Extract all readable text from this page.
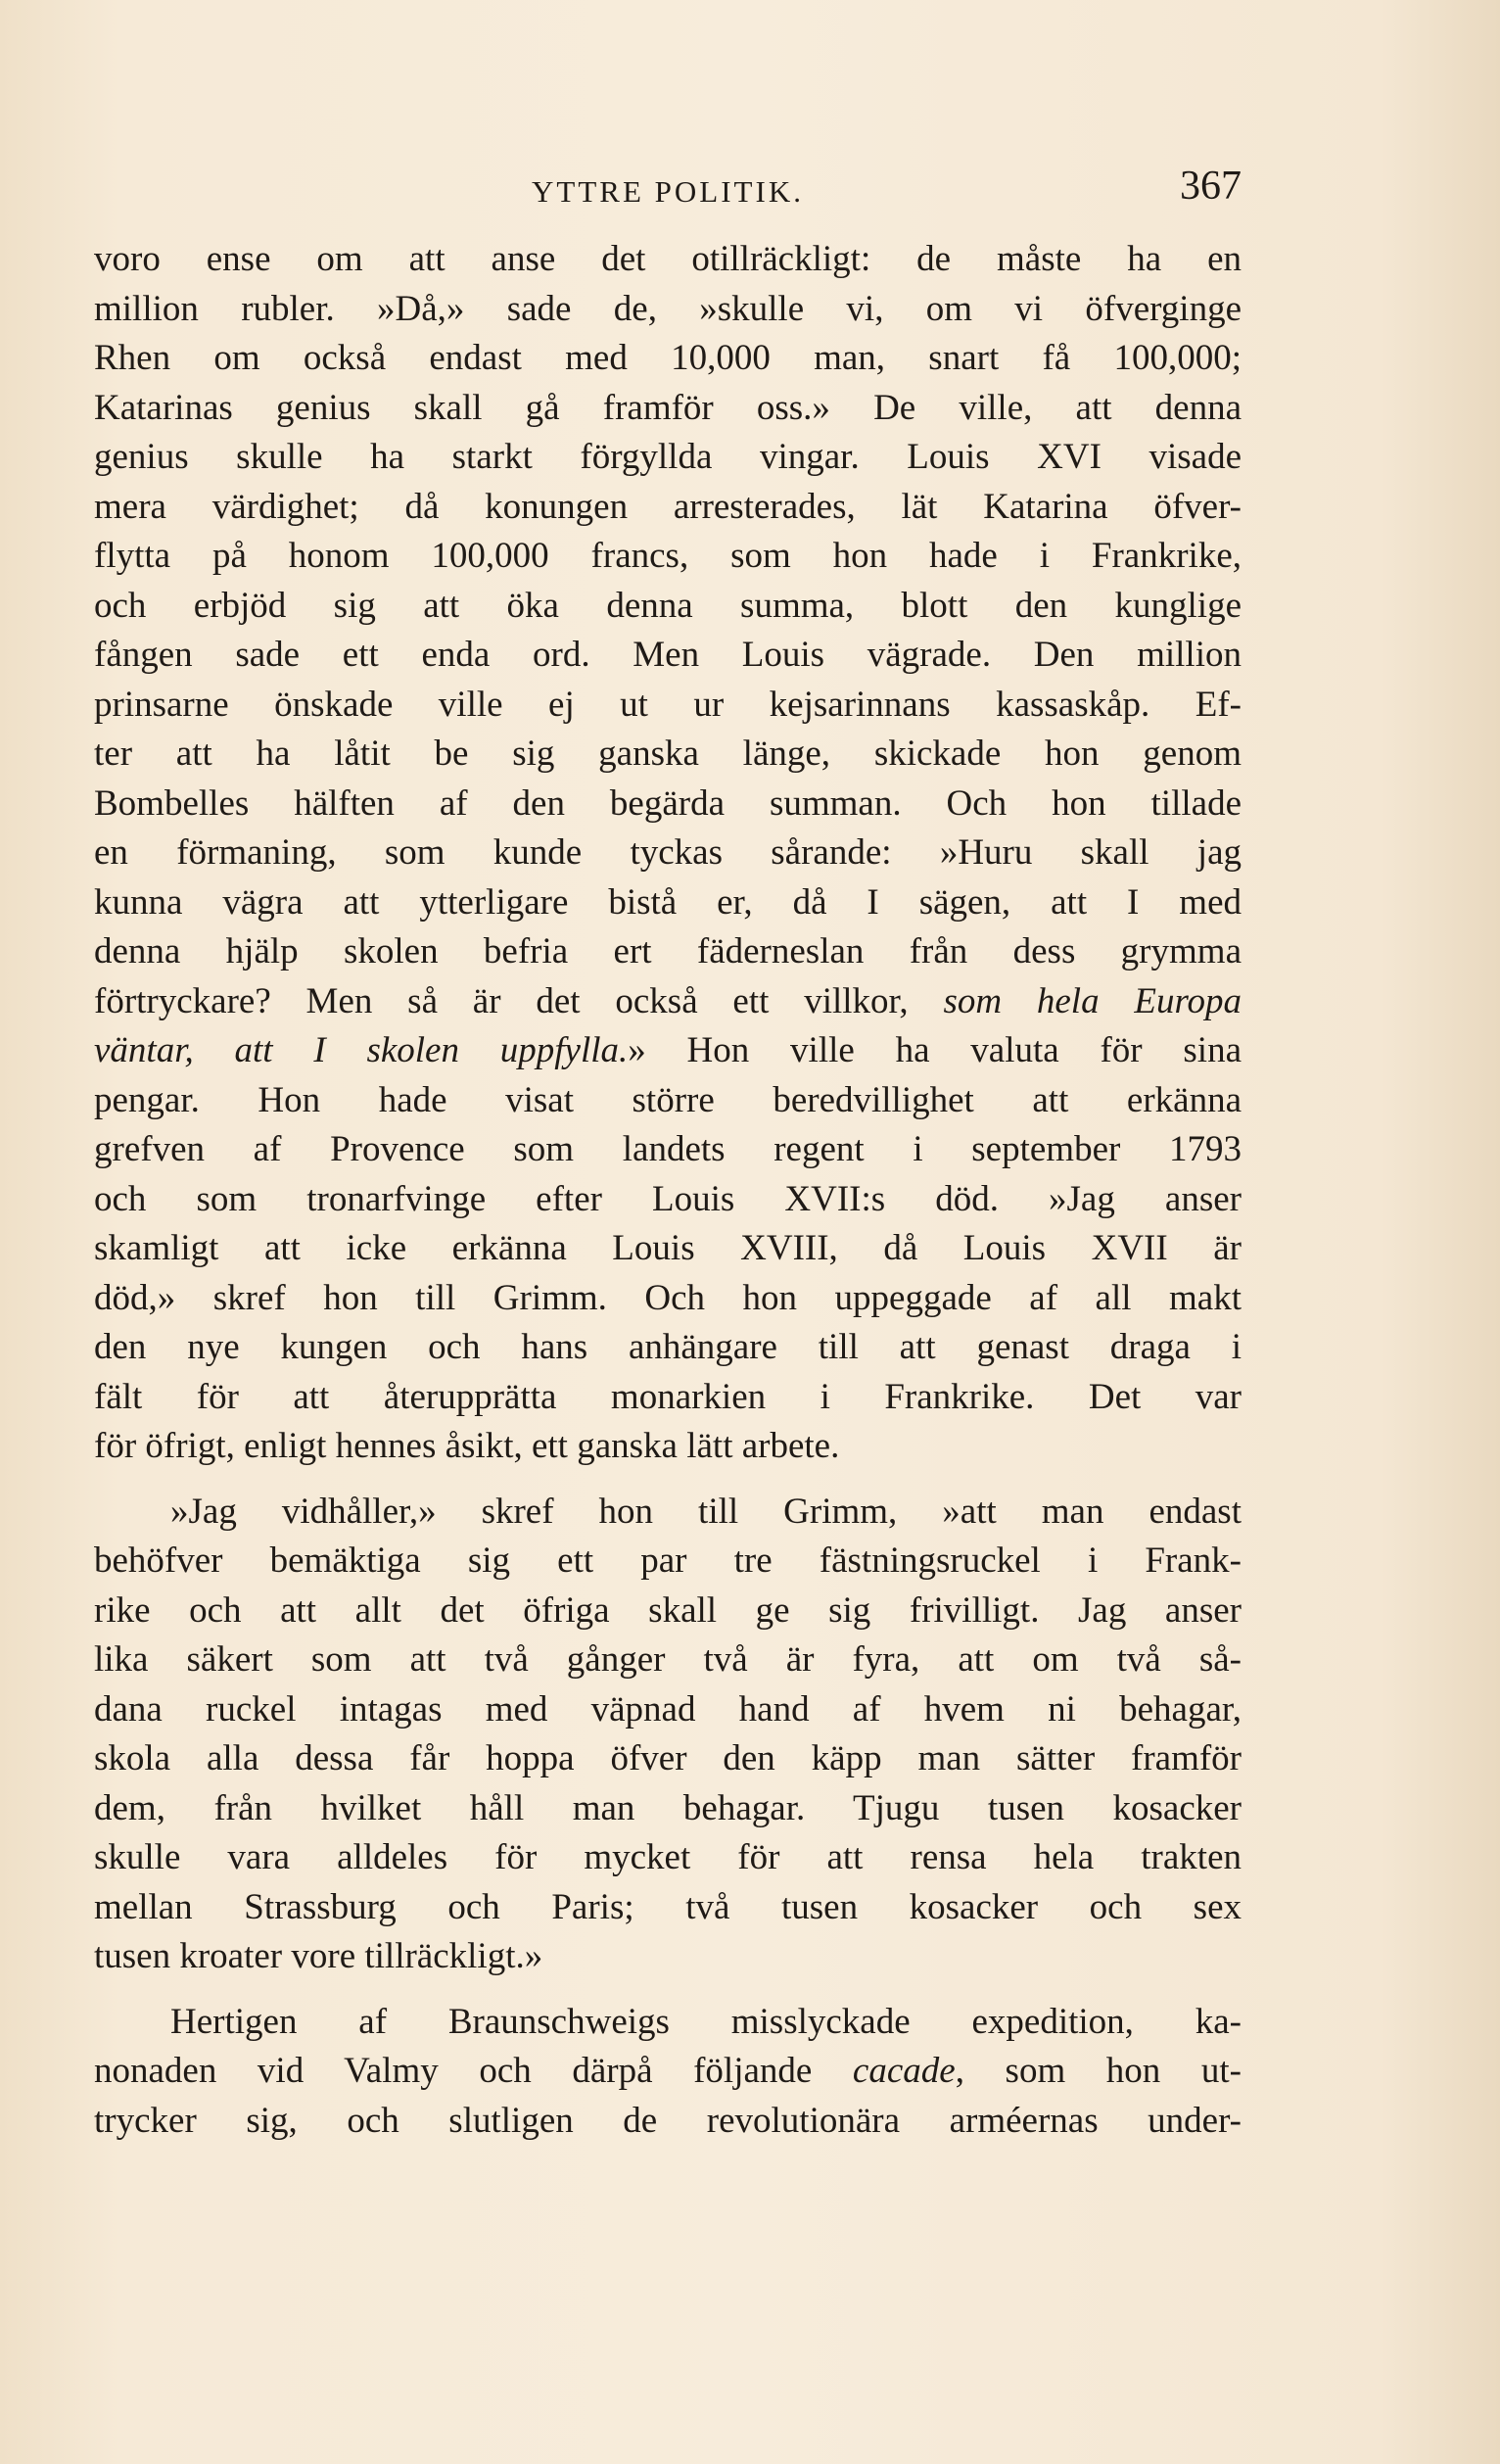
YTTRE POLITIK.	367
voro ense om att anse det otillräckligt: de måste ha en
million rubler. »Då,» sade de, »skulle vi, om vi öfverginge
Rhen om också endast med 10,000 man, snart få 100,000;
Katarinas genius skall gå framför oss.» De ville, att denna
genius skulle ha starkt förgyllda vingar. Louis XVI visade
mera värdighet; då konungen arresterades, lät Katarina öfver-
flytta på honom 100,000 francs, som hon hade i Frankrike,
och erbjöd sig att öka denna summa, blott den kunglige
fången sade ett enda ord. Men Louis vägrade. Den million
prinsarne önskade ville ej ut ur kejsarinnans kassaskåp. Ef-
ter att ha låtit be sig ganska länge, skickade hon genom
Bombelles hälften af den begärda summan. Och hon tillade
en förmaning, som kunde tyckas sårande: »Huru skall jag
kunna vägra att ytterligare bistå er, då I sägen, att I med
denna hjälp skolen befria ert fäderneslan från dess grymma
förtryckare? Men så är det också ett villkor, som hela Europa
väntar, att I skolen uppfylla.» Hon ville ha valuta för sina
pengar. Hon hade visat större beredvillighet att erkänna
grefven af Provence som landets regent i september 1793
och som tronarfvinge efter Louis XVII:s död. »Jag anser
skamligt att icke erkänna Louis XVIII, då Louis XVII är
död,» skref hon till Grimm. Och hon uppeggade af all makt
den nye kungen och hans anhängare till att genast draga i
fält för att återupprätta monarkien i Frankrike. Det var
för öfrigt, enligt hennes åsikt, ett ganska lätt arbete.
»Jag vidhåller,» skref hon till Grimm, »att man endast
behöfver bemäktiga sig ett par tre fästningsruckel i Frank-
rike och att allt det öfriga skall ge sig frivilligt. Jag anser
lika säkert som att två gånger två är fyra, att om två så-
dana ruckel intagas med väpnad hand af hvem ni behagar,
skola alla dessa får hoppa öfver den käpp man sätter framför
dem, från hvilket håll man behagar. Tjugu tusen kosacker
skulle vara alldeles för mycket för att rensa hela trakten
mellan Strassburg och Paris; två tusen kosacker och sex
tusen kroater vore tillräckligt.»
Hertigen af Braunschweigs misslyckade expedition, ka-
nonaden vid Valmy och därpå följande cacade, som hon ut-
trycker sig, och slutligen de revolutionära arméernas under-
